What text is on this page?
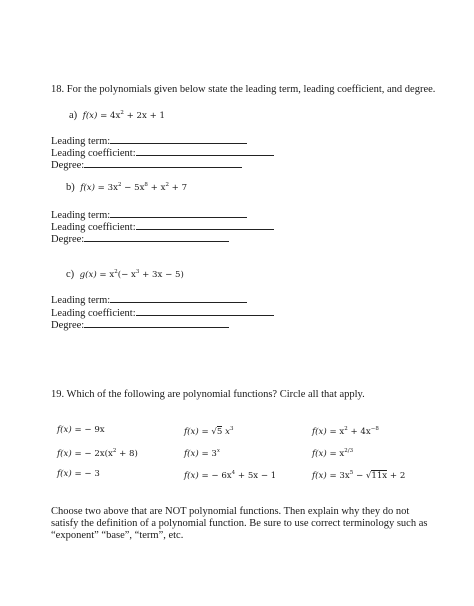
18. For the polynomials given below state the leading term, leading coefficient, and degree.
a) $f(x) = 4x^2 + 2x + 1$
Leading term:
Leading coefficient:
Degree:
b) $f(x) = 3x^2 - 5x^8 + x^2 + 7$
Leading term:
Leading coefficient:
Degree:
c) $g(x) = x^2(- x^3 + 3x - 5)$
Leading term:
Leading coefficient:
Degree:
19. Which of the following are polynomial functions? Circle all that apply.
f(x) = − 9x
f(x) = − $2x(x^2 + 8)$
f(x) = − 3
f(x) = √5 $x^3$
$f(x) = 3^x$
f(x) = − $6x^4 + 5x - 1$
$f(x) = x^2 + 4x^{-8}$
$f(x) = x^{2/3}$
$f(x) = 3x^5 - √11x + 2$
Choose two above that are NOT polynomial functions. Then explain why they do not satisfy the definition of a polynomial function. Be sure to use correct terminology such as “exponent” “base”, “term”, etc.
